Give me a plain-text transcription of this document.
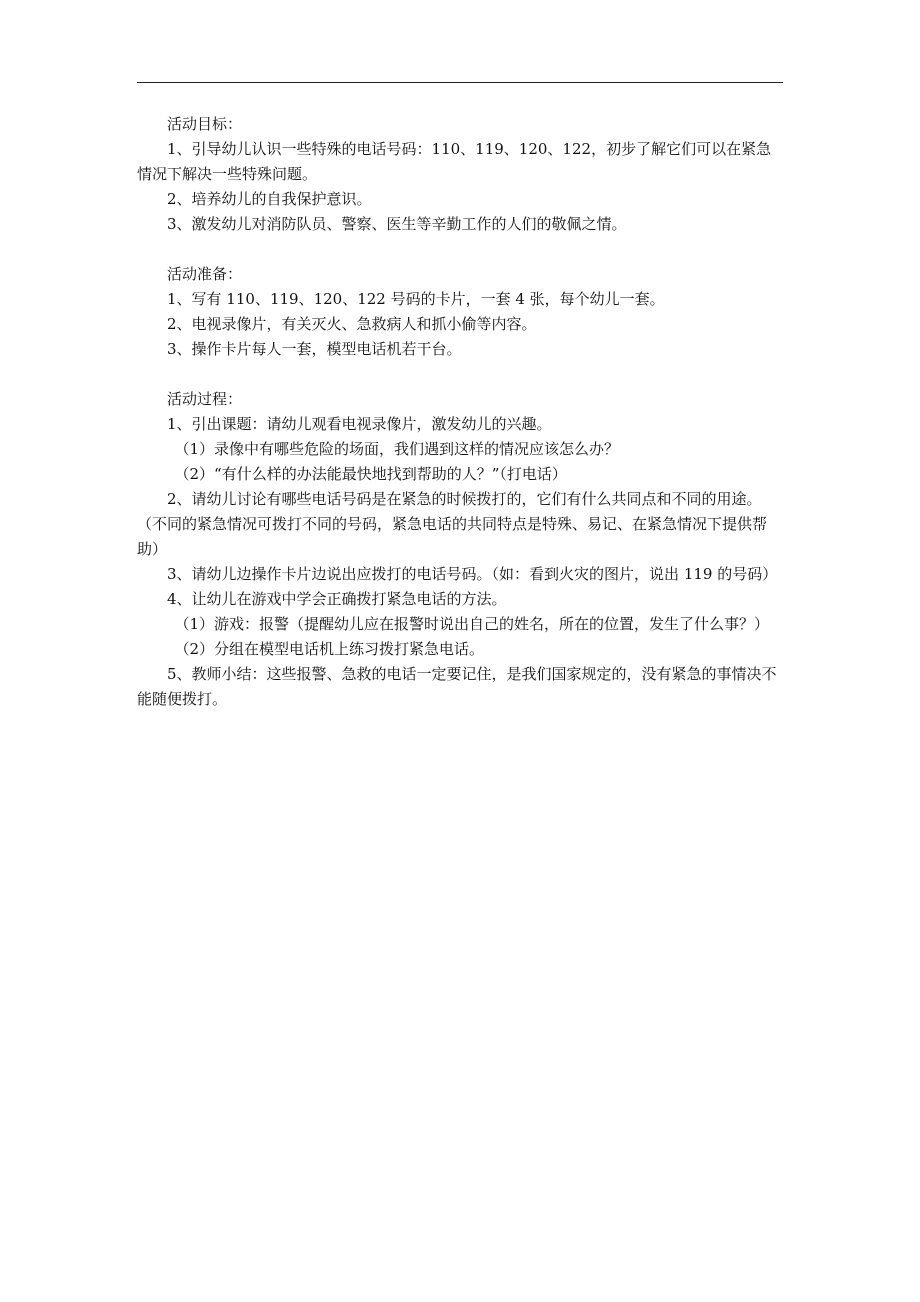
活动目标：

1、引导幼儿认识一些特殊的电话号码：110、119、120、122，初步了解它们可以在紧急情况下解决一些特殊问题。

2、培养幼儿的自我保护意识。

3、激发幼儿对消防队员、警察、医生等辛勤工作的人们的敬佩之情。

活动准备：

1、写有 110、119、120、122 号码的卡片，一套 4 张，每个幼儿一套。

2、电视录像片，有关灭火、急救病人和抓小偷等内容。

3、操作卡片每人一套，模型电话机若干台。

活动过程：

1、引出课题：请幼儿观看电视录像片，激发幼儿的兴趣。

（1）录像中有哪些危险的场面，我们遇到这样的情况应该怎么办？

（2）“有什么样的办法能最快地找到帮助的人？”（打电话）

2、请幼儿讨论有哪些电话号码是在紧急的时候拨打的，它们有什么共同点和不同的用途。（不同的紧急情况可拨打不同的号码，紧急电话的共同特点是特殊、易记、在紧急情况下提供帮助）

3、请幼儿边操作卡片边说出应拨打的电话号码。（如：看到火灾的图片，说出 119 的号码）

4、让幼儿在游戏中学会正确拨打紧急电话的方法。

（1）游戏：报警（提醒幼儿应在报警时说出自己的姓名，所在的位置，发生了什么事？）

（2）分组在模型电话机上练习拨打紧急电话。

5、教师小结：这些报警、急救的电话一定要记住，是我们国家规定的，没有紧急的事情决不能随便拨打。
